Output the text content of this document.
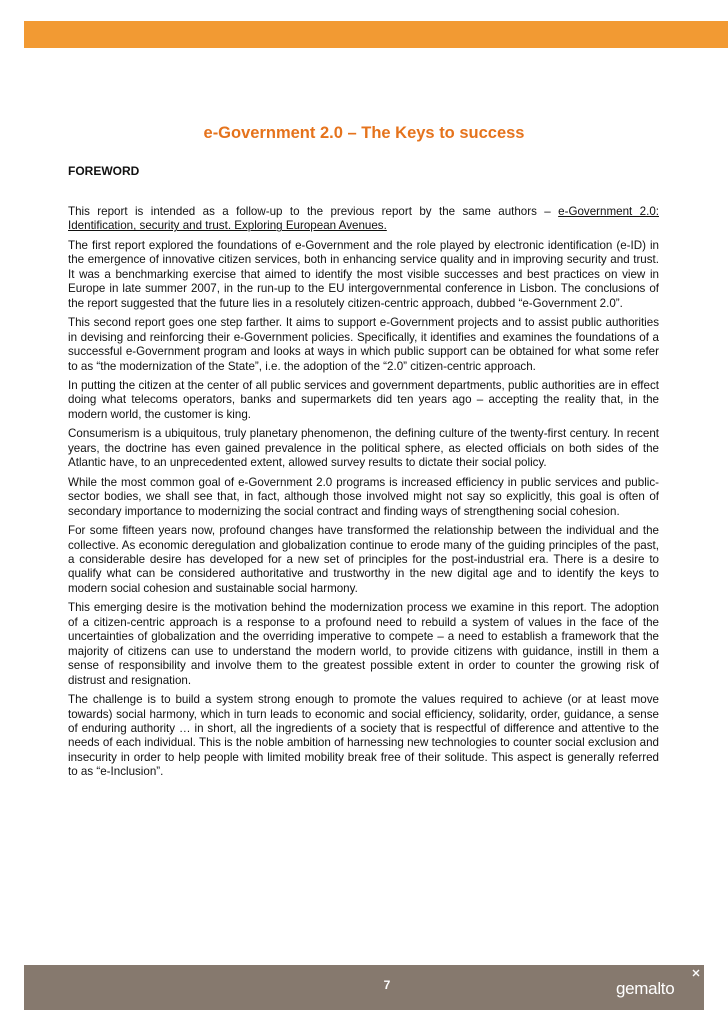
e-Government 2.0 – The Keys to success
FOREWORD

This report is intended as a follow-up to the previous report by the same authors – e-Government 2.0: Identification, security and trust. Exploring European Avenues.

The first report explored the foundations of e-Government and the role played by electronic identification (e-ID) in the emergence of innovative citizen services, both in enhancing service quality and in improving security and trust. It was a benchmarking exercise that aimed to identify the most visible successes and best practices on view in Europe in late summer 2007, in the run-up to the EU intergovernmental conference in Lisbon. The conclusions of the report suggested that the future lies in a resolutely citizen-centric approach, dubbed “e-Government 2.0”.

This second report goes one step farther. It aims to support e-Government projects and to assist public authorities in devising and reinforcing their e-Government policies. Specifically, it identifies and examines the foundations of a successful e-Government program and looks at ways in which public support can be obtained for what some refer to as “the modernization of the State”, i.e. the adoption of the “2.0” citizen-centric approach.

In putting the citizen at the center of all public services and government departments, public authorities are in effect doing what telecoms operators, banks and supermarkets did ten years ago – accepting the reality that, in the modern world, the customer is king.

Consumerism is a ubiquitous, truly planetary phenomenon, the defining culture of the twenty-first century. In recent years, the doctrine has even gained prevalence in the political sphere, as elected officials on both sides of the Atlantic have, to an unprecedented extent, allowed survey results to dictate their social policy.

While the most common goal of e-Government 2.0 programs is increased efficiency in public services and public-sector bodies, we shall see that, in fact, although those involved might not say so explicitly, this goal is often of secondary importance to modernizing the social contract and finding ways of strengthening social cohesion.

For some fifteen years now, profound changes have transformed the relationship between the individual and the collective. As economic deregulation and globalization continue to erode many of the guiding principles of the past, a considerable desire has developed for a new set of principles for the post-industrial era. There is a desire to qualify what can be considered authoritative and trustworthy in the new digital age and to identify the keys to modern social cohesion and sustainable social harmony.

This emerging desire is the motivation behind the modernization process we examine in this report. The adoption of a citizen-centric approach is a response to a profound need to rebuild a system of values in the face of the uncertainties of globalization and the overriding imperative to compete – a need to establish a framework that the majority of citizens can use to understand the modern world, to provide citizens with guidance, instill in them a sense of responsibility and involve them to the greatest possible extent in order to counter the growing risk of distrust and resignation.

The challenge is to build a system strong enough to promote the values required to achieve (or at least move towards) social harmony, which in turn leads to economic and social efficiency, solidarity, order, guidance, a sense of enduring authority … in short, all the ingredients of a society that is respectful of difference and attentive to the needs of each individual. This is the noble ambition of harnessing new technologies to counter social exclusion and insecurity in order to help people with limited mobility break free of their solitude. This aspect is generally referred to as “e-Inclusion”.

7	gemalto
